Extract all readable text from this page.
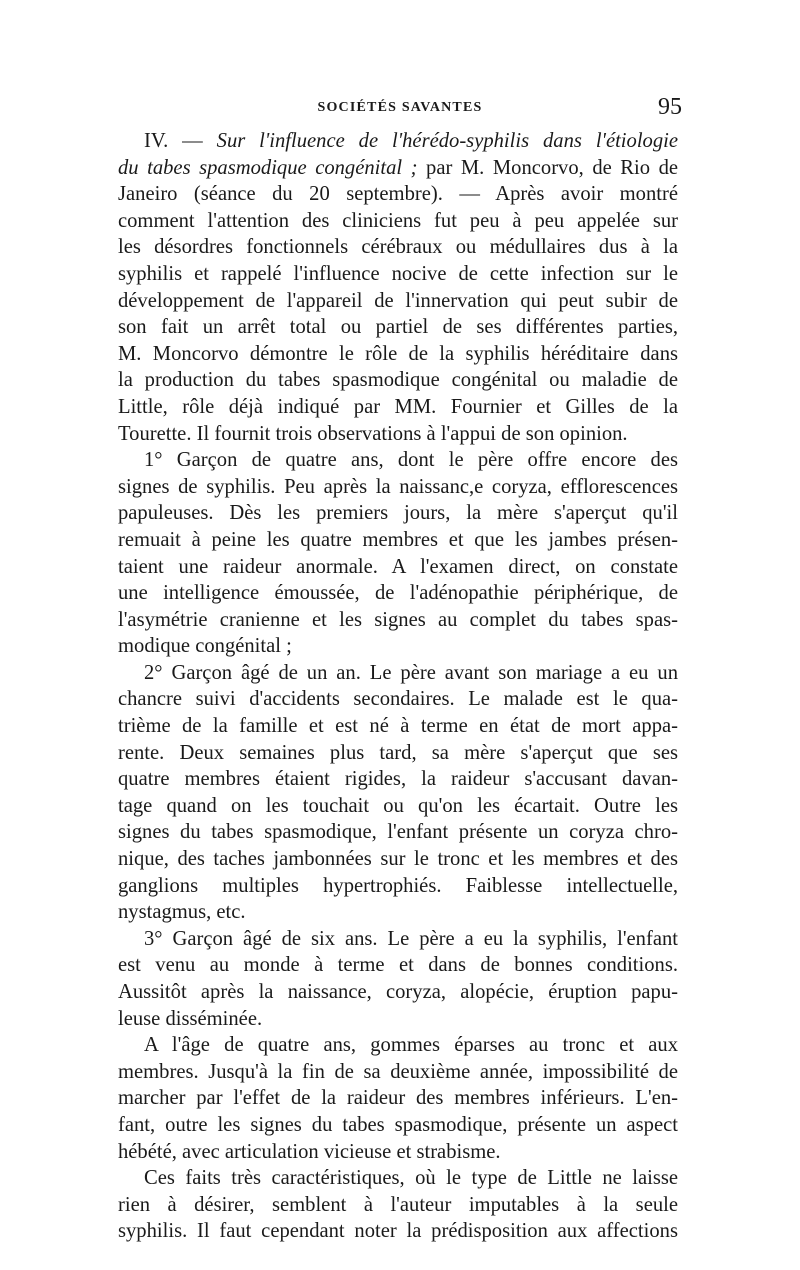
SOCIÉTÉS SAVANTES	95
IV. — Sur l'influence de l'hérédo-syphilis dans l'étiologie
du tabes spasmodique congénital ; par M. Moncorvo, de Rio de
Janeiro (séance du 20 septembre). — Après avoir montré
comment l'attention des cliniciens fut peu à peu appelée sur
les désordres fonctionnels cérébraux ou médullaires dus à la
syphilis et rappelé l'influence nocive de cette infection sur le
développement de l'appareil de l'innervation qui peut subir de
son fait un arrêt total ou partiel de ses différentes parties,
M. Moncorvo démontre le rôle de la syphilis héréditaire dans
la production du tabes spasmodique congénital ou maladie de
Little, rôle déjà indiqué par MM. Fournier et Gilles de la
Tourette. Il fournit trois observations à l'appui de son opinion.
1° Garçon de quatre ans, dont le père offre encore des
signes de syphilis. Peu après la naissanc,e coryza, efflorescences
papuleuses. Dès les premiers jours, la mère s'aperçut qu'il
remuait à peine les quatre membres et que les jambes présen-
taient une raideur anormale. A l'examen direct, on constate
une intelligence émoussée, de l'adénopathie périphérique, de
l'asymétrie cranienne et les signes au complet du tabes spas-
modique congénital ;
2° Garçon âgé de un an. Le père avant son mariage a eu un
chancre suivi d'accidents secondaires. Le malade est le qua-
trième de la famille et est né à terme en état de mort appa-
rente. Deux semaines plus tard, sa mère s'aperçut que ses
quatre membres étaient rigides, la raideur s'accusant davan-
tage quand on les touchait ou qu'on les écartait. Outre les
signes du tabes spasmodique, l'enfant présente un coryza chro-
nique, des taches jambonnées sur le tronc et les membres et des
ganglions multiples hypertrophiés. Faiblesse intellectuelle,
nystagmus, etc.
3° Garçon âgé de six ans. Le père a eu la syphilis, l'enfant
est venu au monde à terme et dans de bonnes conditions.
Aussitôt après la naissance, coryza, alopécie, éruption papu-
leuse disséminée.
A l'âge de quatre ans, gommes éparses au tronc et aux
membres. Jusqu'à la fin de sa deuxième année, impossibilité de
marcher par l'effet de la raideur des membres inférieurs. L'en-
fant, outre les signes du tabes spasmodique, présente un aspect
hébété, avec articulation vicieuse et strabisme.
Ces faits très caractéristiques, où le type de Little ne laisse
rien à désirer, semblent à l'auteur imputables à la seule
syphilis. Il faut cependant noter la prédisposition aux affections
